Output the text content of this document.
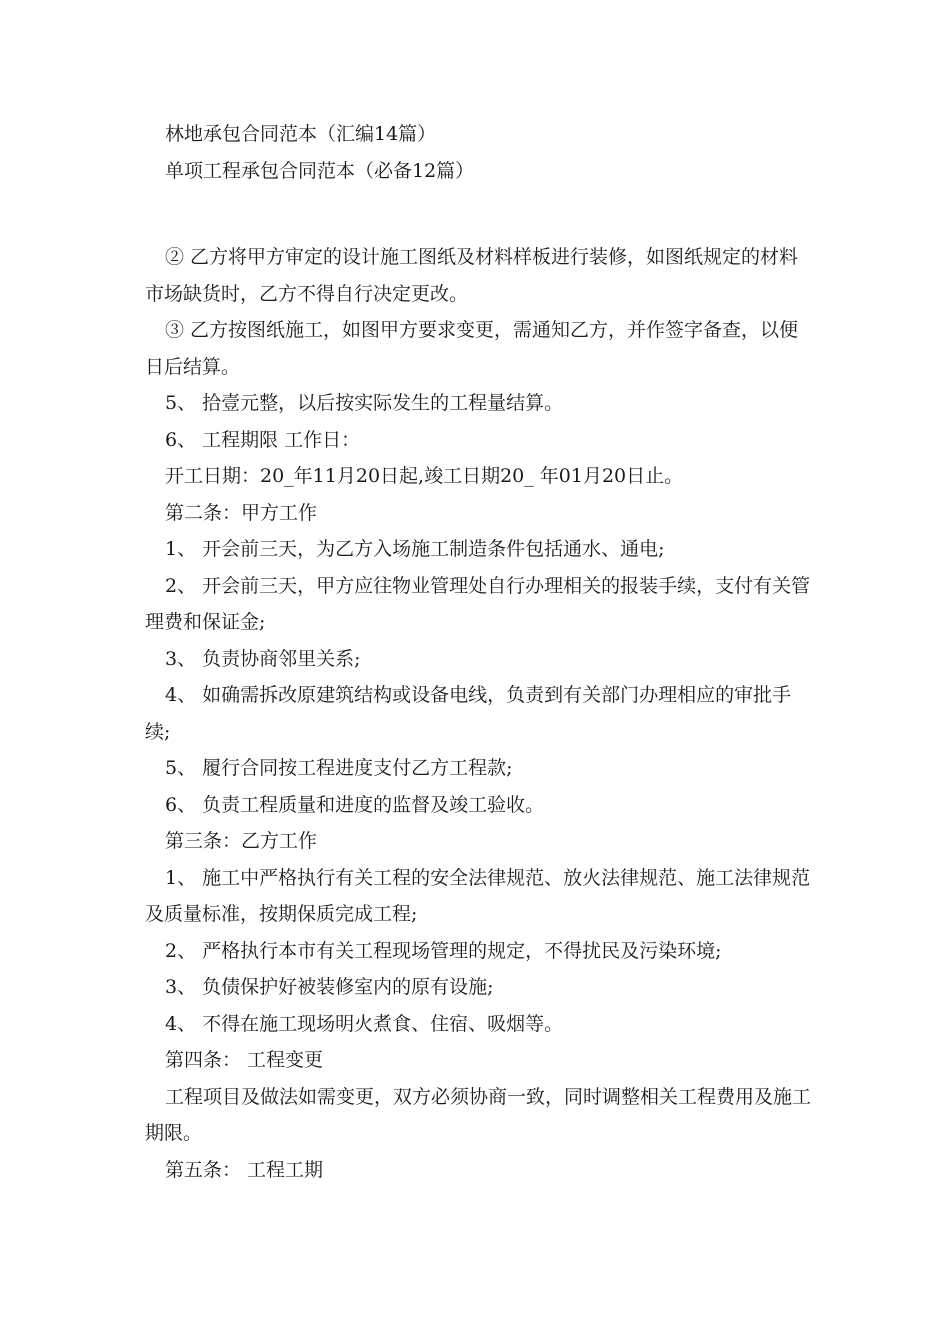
林地承包合同范本（汇编14篇）

单项工程承包合同范本（必备12篇）

② 乙方将甲方审定的设计施工图纸及材料样板进行装修，如图纸规定的材料市场缺货时，乙方不得自行决定更改。

③ 乙方按图纸施工，如图甲方要求变更，需通知乙方，并作签字备查，以便日后结算。

5、 拾壹元整，以后按实际发生的工程量结算。

6、 工程期限 工作日：

开工日期：20_年11月20日起,竣工日期20_ 年01月20日止。

第二条：甲方工作

1、 开会前三天，为乙方入场施工制造条件包括通水、通电;

2、 开会前三天，甲方应往物业管理处自行办理相关的报装手续，支付有关管理费和保证金;

3、 负责协商邻里关系;

4、 如确需拆改原建筑结构或设备电线，负责到有关部门办理相应的审批手续;

5、 履行合同按工程进度支付乙方工程款;

6、 负责工程质量和进度的监督及竣工验收。

第三条：乙方工作

1、 施工中严格执行有关工程的安全法律规范、放火法律规范、施工法律规范及质量标准，按期保质完成工程;

2、 严格执行本市有关工程现场管理的规定，不得扰民及污染环境;

3、 负债保护好被装修室内的原有设施;

4、 不得在施工现场明火煮食、住宿、吸烟等。

第四条： 工程变更

工程项目及做法如需变更，双方必须协商一致，同时调整相关工程费用及施工期限。

第五条： 工程工期
